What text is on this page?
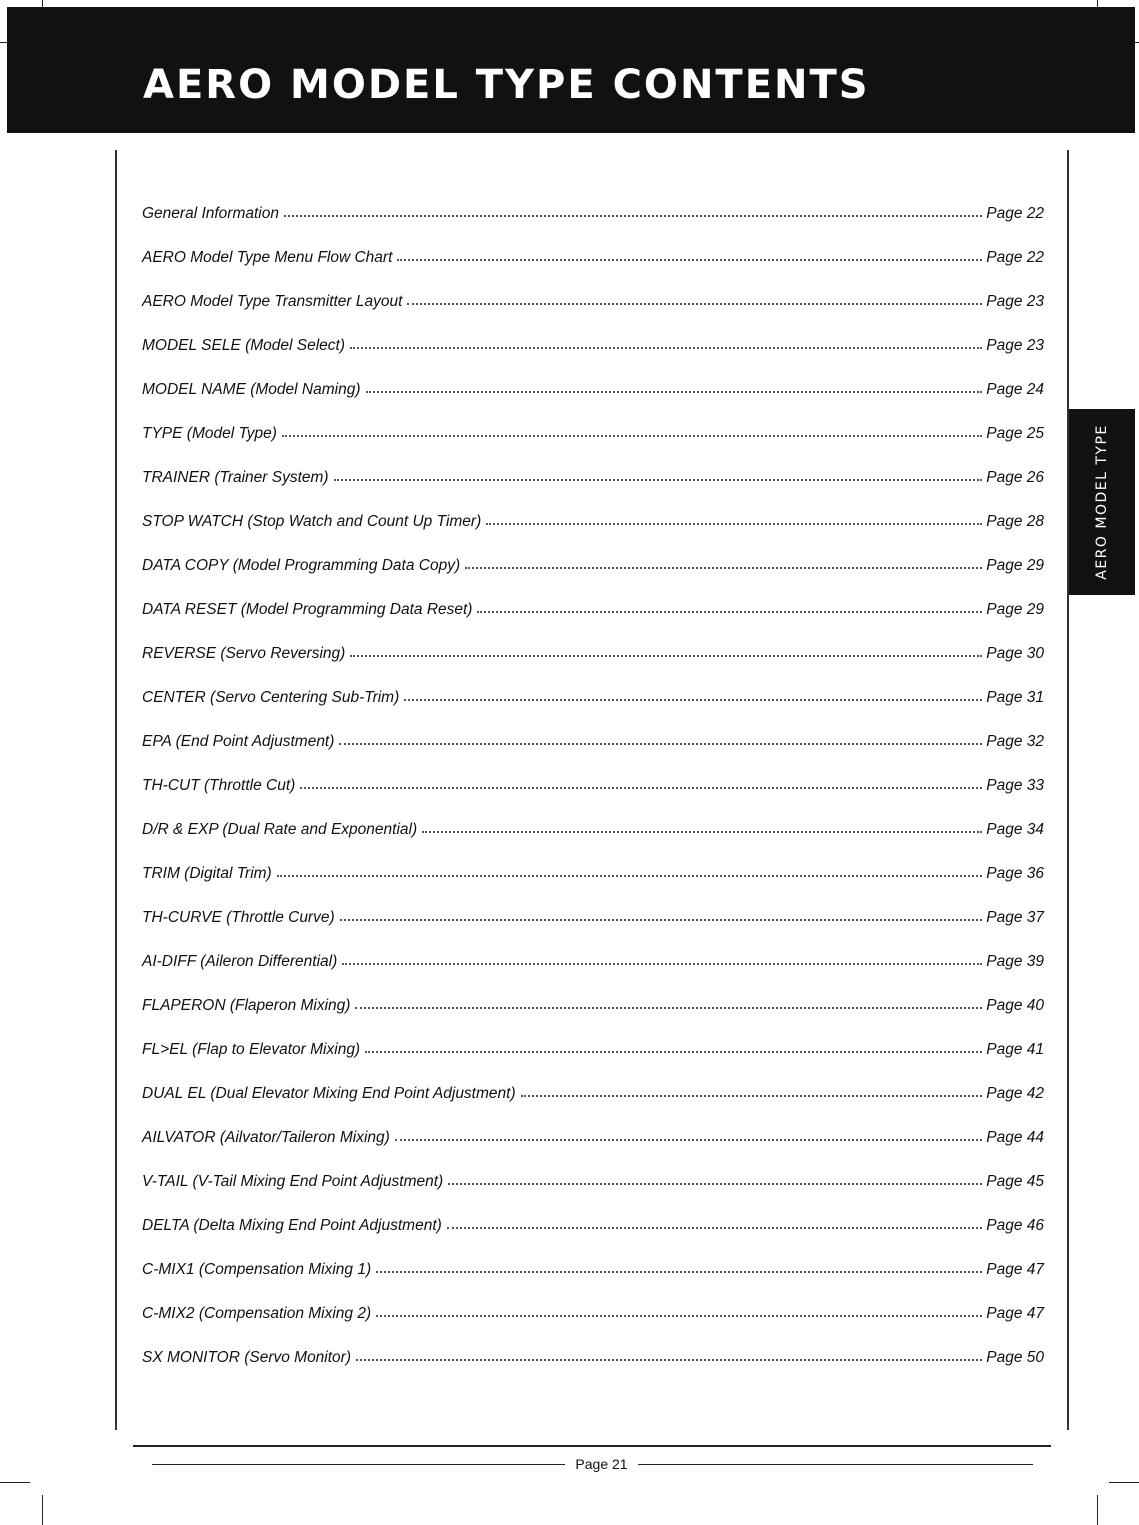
AERO MODEL TYPE CONTENTS
AERO MODEL TYPE
General Information	Page 22
AERO Model Type Menu Flow Chart	Page 22
AERO Model Type Transmitter Layout	Page 23
MODEL SELE (Model Select)	Page 23
MODEL NAME (Model Naming)	Page 24
TYPE (Model Type)	Page 25
TRAINER (Trainer System)	Page 26
STOP WATCH (Stop Watch and Count Up Timer)	Page 28
DATA COPY (Model Programming Data Copy)	Page 29
DATA RESET (Model Programming Data Reset)	Page 29
REVERSE (Servo Reversing)	Page 30
CENTER (Servo Centering Sub-Trim)	Page 31
EPA (End Point Adjustment)	Page 32
TH-CUT (Throttle Cut)	Page 33
D/R & EXP (Dual Rate and Exponential)	Page 34
TRIM (Digital Trim)	Page 36
TH-CURVE (Throttle Curve)	Page 37
AI-DIFF (Aileron Differential)	Page 39
FLAPERON (Flaperon Mixing)	Page 40
FL>EL (Flap to Elevator Mixing)	Page 41
DUAL EL (Dual Elevator Mixing End Point Adjustment)	Page 42
AILVATOR (Ailvator/Taileron Mixing)	Page 44
V-TAIL (V-Tail Mixing End Point Adjustment)	Page 45
DELTA (Delta Mixing End Point Adjustment)	Page 46
C-MIX1 (Compensation Mixing 1)	Page 47
C-MIX2 (Compensation Mixing 2)	Page 47
SX MONITOR (Servo Monitor)	Page 50
Page 21
